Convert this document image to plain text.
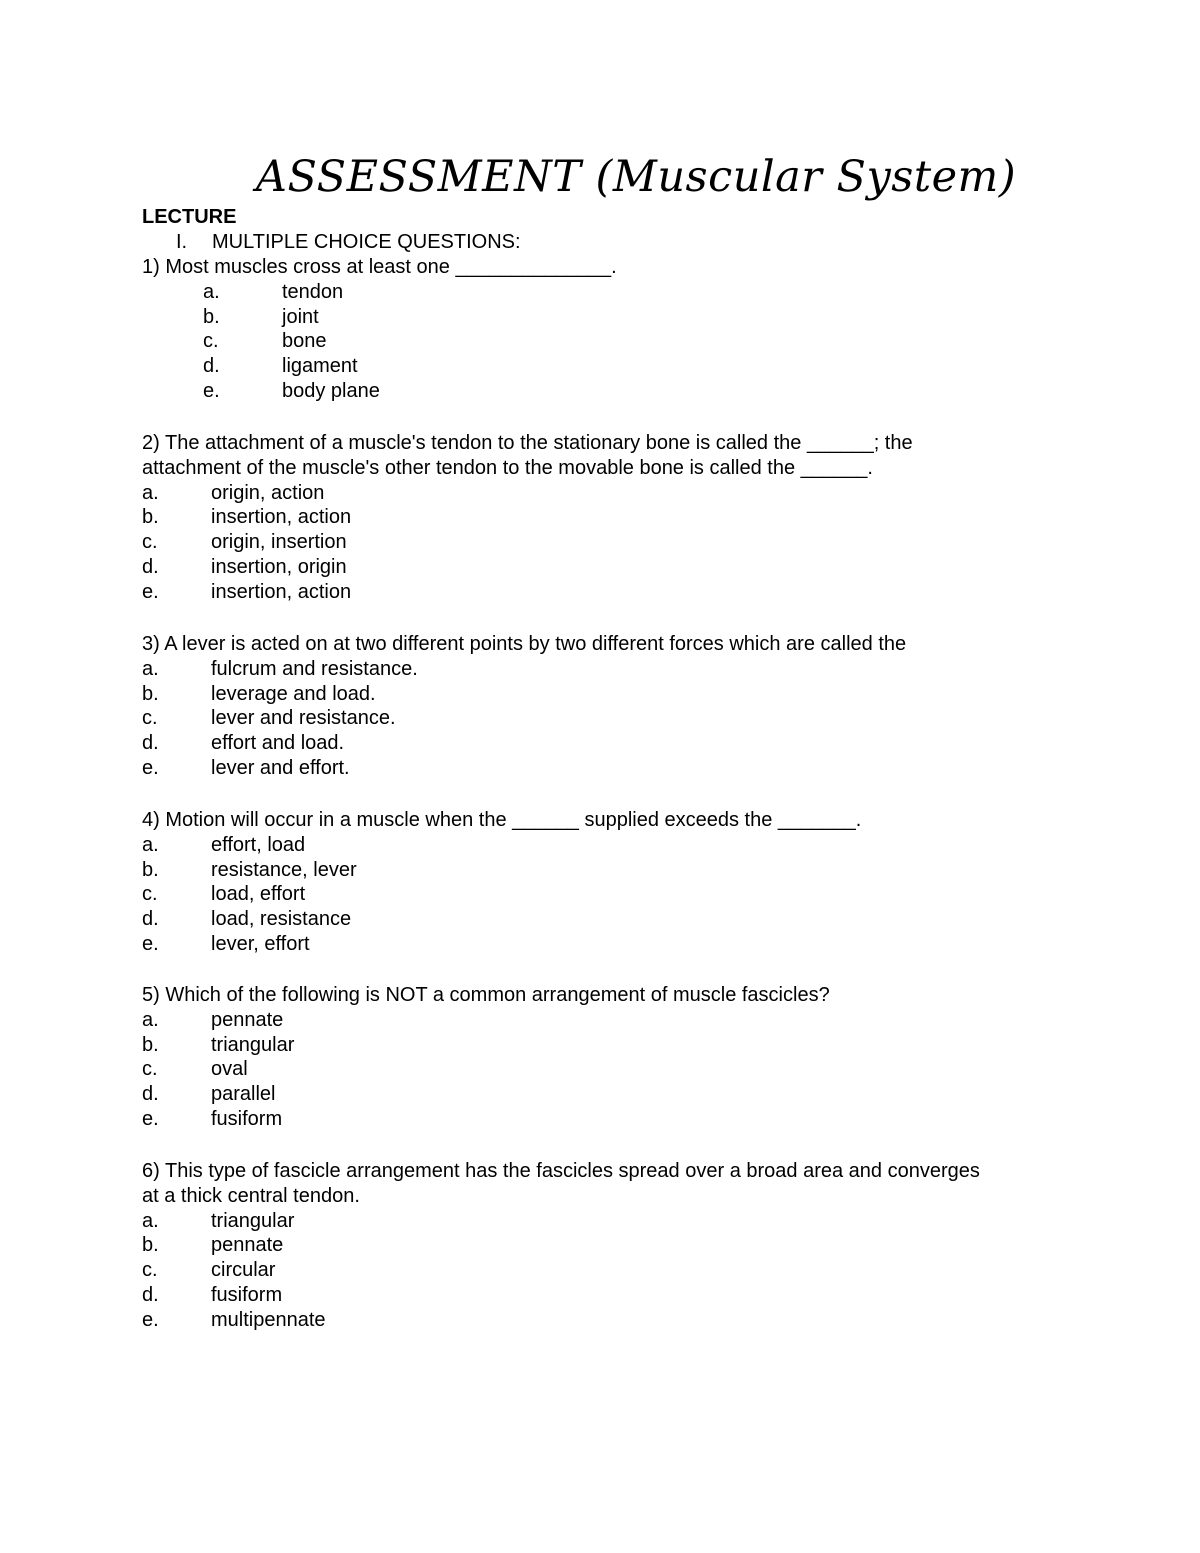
ASSESSMENT (Muscular System)
LECTURE
I. MULTIPLE CHOICE QUESTIONS:

1) Most muscles cross at least one ______________.

a.	tendon
b.	joint
c.	bone
d.	ligament
e.	body plane

2) The attachment of a muscle's tendon to the stationary bone is called the ______; the
attachment of the muscle's other tendon to the movable bone is called the ______.

a.	origin, action
b.	insertion, action
c.	origin, insertion
d.	insertion, origin
e.	insertion, action

3) A lever is acted on at two different points by two different forces which are called the

a.	fulcrum and resistance.
b.	leverage and load.
c.	lever and resistance.
d.	effort and load.
e.	lever and effort.

4) Motion will occur in a muscle when the ______ supplied exceeds the _______.

a.	effort, load
b.	resistance, lever
c.	load, effort
d.	load, resistance
e.	lever, effort

5) Which of the following is NOT a common arrangement of muscle fascicles?

a.	pennate
b.	triangular
c.	oval
d.	parallel
e.	fusiform

6) This type of fascicle arrangement has the fascicles spread over a broad area and converges
at a thick central tendon.

a.	triangular
b.	pennate
c.	circular
d.	fusiform
e.	multipennate
